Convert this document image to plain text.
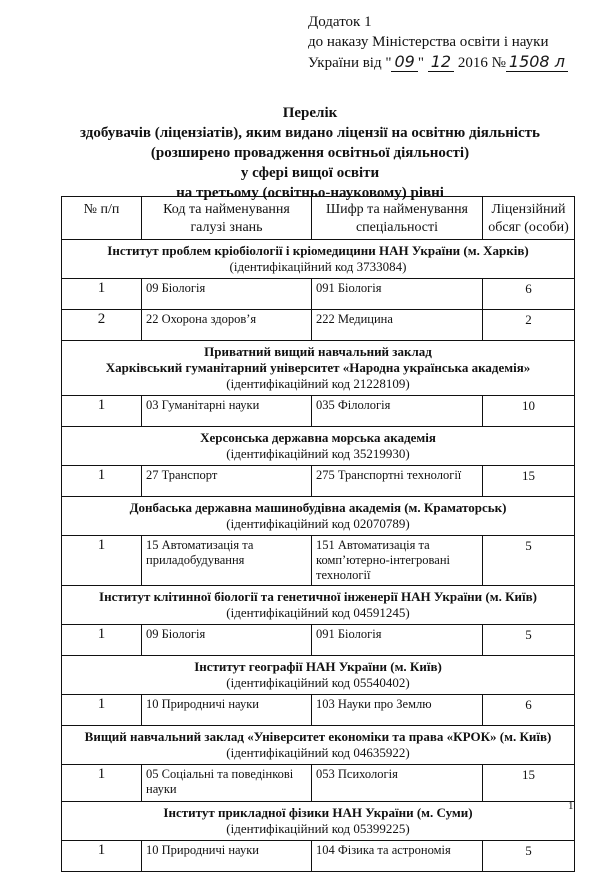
Додаток 1
до наказу Міністерства освіти і науки
України від " 09 " 12 2016 № 1508 л
Перелік
здобувачів (ліцензіатів), яким видано ліцензії на освітню діяльність
(розширено провадження освітньої діяльності)
у сфері вищої освіти
на третьому (освітньо-науковому) рівні
№ п/п	Код та найменування галузі знань	Шифр та найменування спеціальності	Ліцензійний обсяг (особи)

Інститут проблем кріобіології і кріомедицини НАН України (м. Харків)
(ідентифікаційний код 3733084)			

1	09 Біологія	091 Біологія	6
2	22 Охорона здоров’я	222 Медицина	2

Приватний вищий навчальний заклад
Харківський гуманітарний університет «Народна українська академія»
(ідентифікаційний код 21228109)			

1	03 Гуманітарні науки	035 Філологія	10

Херсонська державна морська академія
(ідентифікаційний код 35219930)			

1	27 Транспорт	275 Транспортні технології	15

Донбаська державна машинобудівна академія (м. Краматорськ)
(ідентифікаційний код 02070789)			

1	15 Автоматизація та приладобудування	151 Автоматизація та комп’ютерно-інтегровані технології	5

Інститут клітинної біології та генетичної інженерії НАН України (м. Київ)
(ідентифікаційний код 04591245)			

1	09 Біологія	091 Біологія	5

Інститут географії НАН України (м. Київ)
(ідентифікаційний код 05540402)			

1	10 Природничі науки	103 Науки про Землю	6

Вищий навчальний заклад «Університет економіки та права «КРОК» (м. Київ)
(ідентифікаційний код 04635922)			

1	05 Соціальні та поведінкові науки	053 Психологія	15

Інститут прикладної фізики НАН України (м. Суми)
(ідентифікаційний код 05399225)			

1	10 Природничі науки	104 Фізика та астрономія	5
1
